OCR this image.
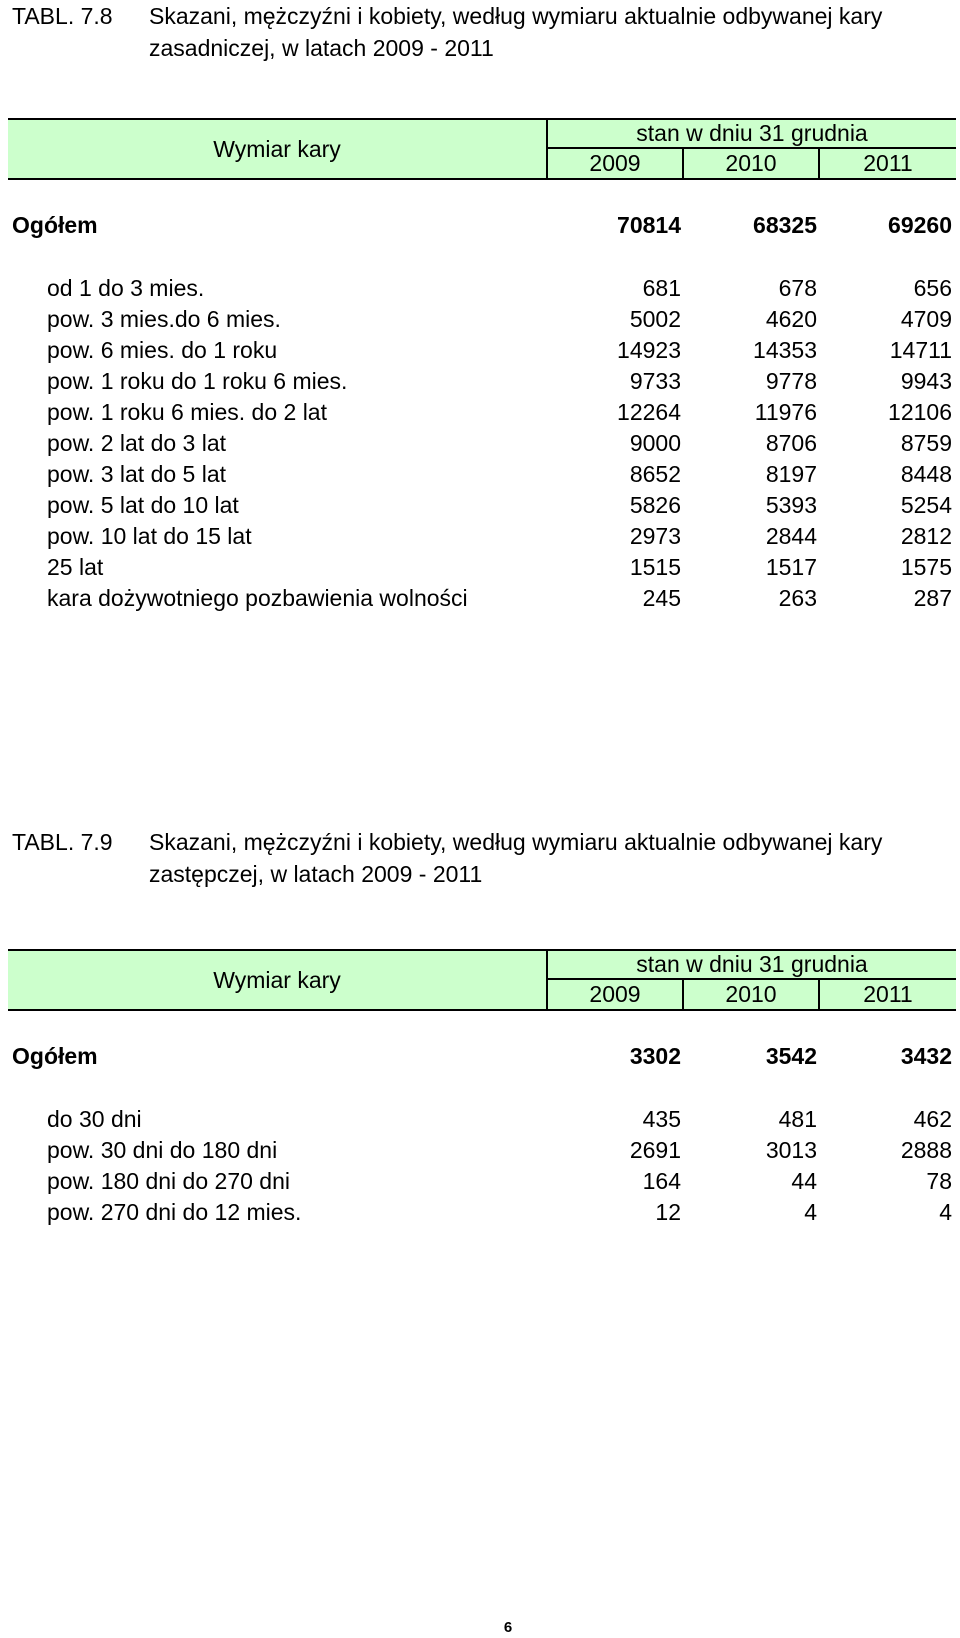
TABL. 7.8 Skazani, mężczyźni i kobiety, według wymiaru aktualnie odbywanej kary zasadniczej, w latach 2009 - 2011
Wymiar kary
stan w dniu 31 grudnia
2009	2010	2011
Ogółem	70814	68325	69260
od 1 do 3 mies.	681	678	656
pow. 3 mies.do 6 mies.	5002	4620	4709
pow. 6 mies. do 1 roku	14923	14353	14711
pow. 1 roku do 1 roku 6 mies.	9733	9778	9943
pow. 1 roku 6 mies. do 2 lat	12264	11976	12106
pow. 2 lat do 3 lat	9000	8706	8759
pow. 3 lat do 5 lat	8652	8197	8448
pow. 5 lat do 10 lat	5826	5393	5254
pow. 10 lat do 15 lat	2973	2844	2812
25 lat	1515	1517	1575
kara dożywotniego pozbawienia wolności	245	263	287
TABL. 7.9 Skazani, mężczyźni i kobiety, według wymiaru aktualnie odbywanej kary zastępczej, w latach 2009 - 2011
Wymiar kary
stan w dniu 31 grudnia
2009	2010	2011
Ogółem	3302	3542	3432
do 30 dni	435	481	462
pow. 30 dni do 180 dni	2691	3013	2888
pow. 180 dni do 270 dni	164	44	78
pow. 270 dni do 12 mies.	12	4	4
6
